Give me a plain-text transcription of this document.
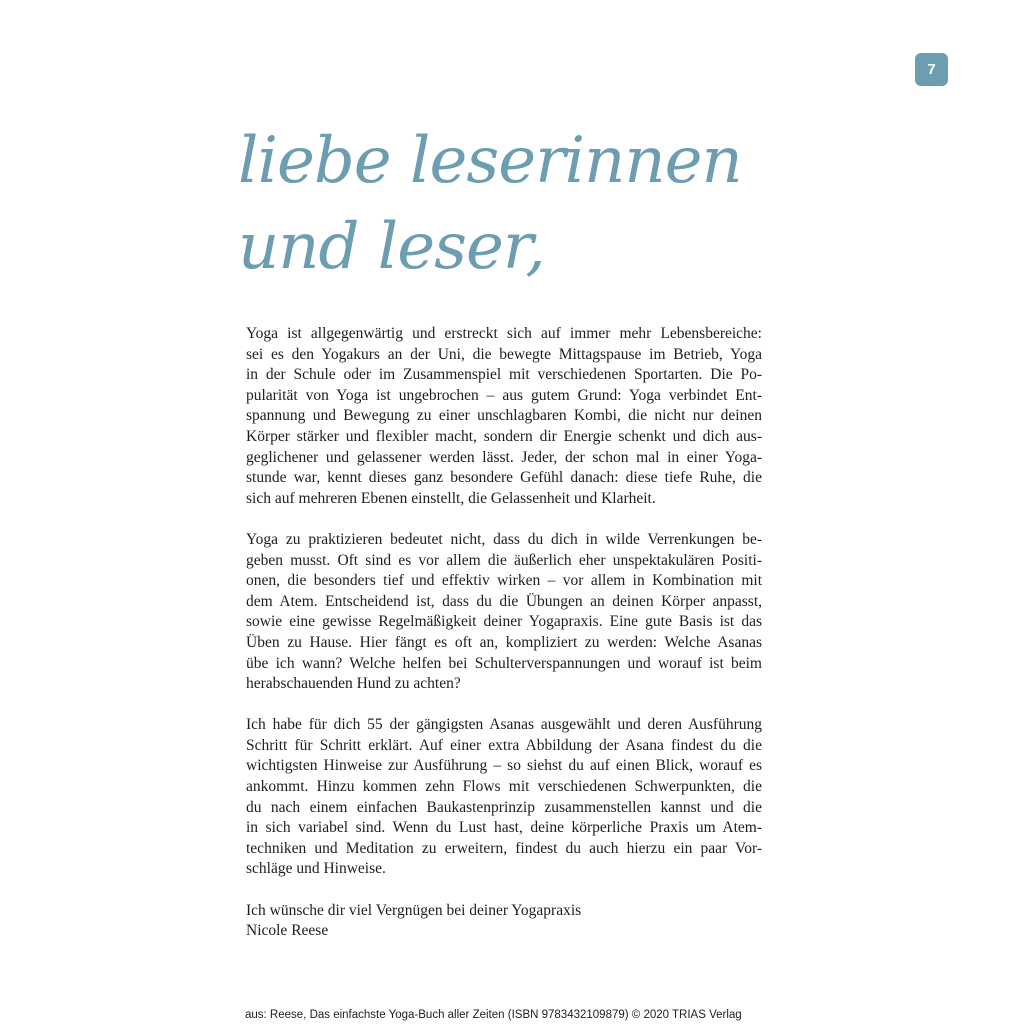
7
liebe leserinnen
und leser,
Yoga ist allgegenwärtig und erstreckt sich auf immer mehr Lebensbereiche:
sei es den Yogakurs an der Uni, die bewegte Mittagspause im Betrieb, Yoga
in der Schule oder im Zusammenspiel mit verschiedenen Sportarten. Die Po-
pularität von Yoga ist ungebrochen – aus gutem Grund: Yoga verbindet Ent-
spannung und Bewegung zu einer unschlagbaren Kombi, die nicht nur deinen
Körper stärker und flexibler macht, sondern dir Energie schenkt und dich aus-
geglichener und gelassener werden lässt. Jeder, der schon mal in einer Yoga-
stunde war, kennt dieses ganz besondere Gefühl danach: diese tiefe Ruhe, die
sich auf mehreren Ebenen einstellt, die Gelassenheit und Klarheit.
Yoga zu praktizieren bedeutet nicht, dass du dich in wilde Verrenkungen be-
geben musst. Oft sind es vor allem die äußerlich eher unspektakulären Positi-
onen, die besonders tief und effektiv wirken – vor allem in Kombination mit
dem Atem. Entscheidend ist, dass du die Übungen an deinen Körper anpasst,
sowie eine gewisse Regelmäßigkeit deiner Yogapraxis. Eine gute Basis ist das
Üben zu Hause. Hier fängt es oft an, kompliziert zu werden: Welche Asanas
übe ich wann? Welche helfen bei Schulterverspannungen und worauf ist beim
herabschauenden Hund zu achten?
Ich habe für dich 55 der gängigsten Asanas ausgewählt und deren Ausführung
Schritt für Schritt erklärt. Auf einer extra Abbildung der Asana findest du die
wichtigsten Hinweise zur Ausführung – so siehst du auf einen Blick, worauf es
ankommt. Hinzu kommen zehn Flows mit verschiedenen Schwerpunkten, die
du nach einem einfachen Baukastenprinzip zusammenstellen kannst und die
in sich variabel sind. Wenn du Lust hast, deine körperliche Praxis um Atem-
techniken und Meditation zu erweitern, findest du auch hierzu ein paar Vor-
schläge und Hinweise.
Ich wünsche dir viel Vergnügen bei deiner Yogapraxis
Nicole Reese
aus: Reese, Das einfachste Yoga-Buch aller Zeiten (ISBN 9783432109879) © 2020 TRIAS Verlag
